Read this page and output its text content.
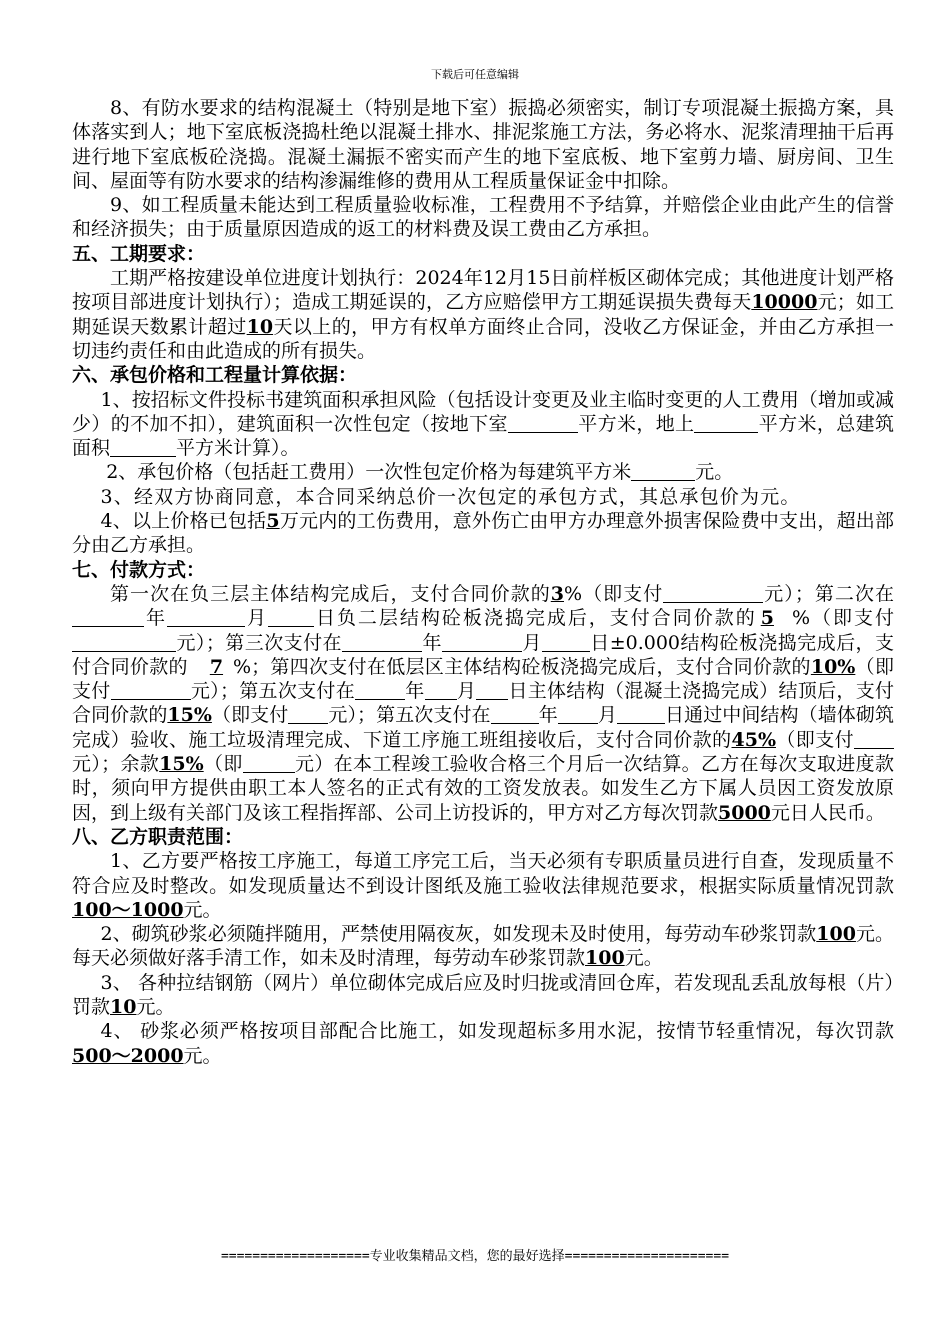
下载后可任意编辑

8、有防水要求的结构混凝土（特别是地下室）振捣必须密实，制订专项混凝土振捣方案，具体落实到人；地下室底板浇捣杜绝以混凝土排水、排泥浆施工方法，务必将水、泥浆清理抽干后再进行地下室底板砼浇捣。混凝土漏振不密实而产生的地下室底板、地下室剪力墙、厨房间、卫生间、屋面等有防水要求的结构渗漏维修的费用从工程质量保证金中扣除。

9、如工程质量未能达到工程质量验收标准，工程费用不予结算，并赔偿企业由此产生的信誉和经济损失；由于质量原因造成的返工的材料费及误工费由乙方承担。

五、工期要求：

工期严格按建设单位进度计划执行：2024年12月15日前样板区砌体完成；其他进度计划严格按项目部进度计划执行）；造成工期延误的，乙方应赔偿甲方工期延误损失费每天10000元；如工期延误天数累计超过10天以上的，甲方有权单方面终止合同，没收乙方保证金，并由乙方承担一切违约责任和由此造成的所有损失。

六、承包价格和工程量计算依据：

1、按招标文件投标书建筑面积承担风险（包括设计变更及业主临时变更的人工费用（增加或减少）的不加不扣），建筑面积一次性包定（按地下室	平方米，地上	平方米，总建筑面积	平方米计算）。

2、承包价格（包括赶工费用）一次性包定价格为每建筑平方米	元。

3、经双方协商同意，本合同采纳总价一次包定的承包方式，其总承包价为元。

4、以上价格已包括5万元内的工伤费用，意外伤亡由甲方办理意外损害保险费中支出，超出部分由乙方承担。

七、付款方式：

第一次在负三层主体结构完成后，支付合同价款的3%（即支付	元）；第二次在年	月 日负二层结构砼板浇捣完成后，支付合同价款的 5 %（即支付元）；第三次支付在	年	月	日±0.000结构砼板浇捣完成后，支付合同价款的 7 %；第四次支付在低层区主体结构砼板浇捣完成后，支付合同价款的10%（即支付	元）；第五次支付在	年 月 日主体结构（混凝土浇捣完成）结顶后，支付合同价款的15%（即支付 元）；第五次支付在	年 月	日通过中间结构（墙体砌筑完成）验收、施工垃圾清理完成、下道工序施工班组接收后，支付合同价款的45%（即支付元）；余款15%（即	元）在本工程竣工验收合格三个月后一次结算。乙方在每次支取进度款时，须向甲方提供由职工本人签名的正式有效的工资发放表。如发生乙方下属人员因工资发放原因，到上级有关部门及该工程指挥部、公司上访投诉的，甲方对乙方每次罚款5000元日人民币。

八、乙方职责范围：

1、乙方要严格按工序施工，每道工序完工后，当天必须有专职质量员进行自查，发现质量不符合应及时整改。如发现质量达不到设计图纸及施工验收法律规范要求，根据实际质量情况罚款100～1000元。

2、砌筑砂浆必须随拌随用，严禁使用隔夜灰，如发现未及时使用，每劳动车砂浆罚款100元。每天必须做好落手清工作，如未及时清理，每劳动车砂浆罚款100元。

3、 各种拉结钢筋（网片）单位砌体完成后应及时归拢或清回仓库，若发现乱丢乱放每根（片）罚款10元。

4、 砂浆必须严格按项目部配合比施工，如发现超标多用水泥，按情节轻重情况，每次罚款500～2000元。

===================专业收集精品文档，您的最好选择=====================
